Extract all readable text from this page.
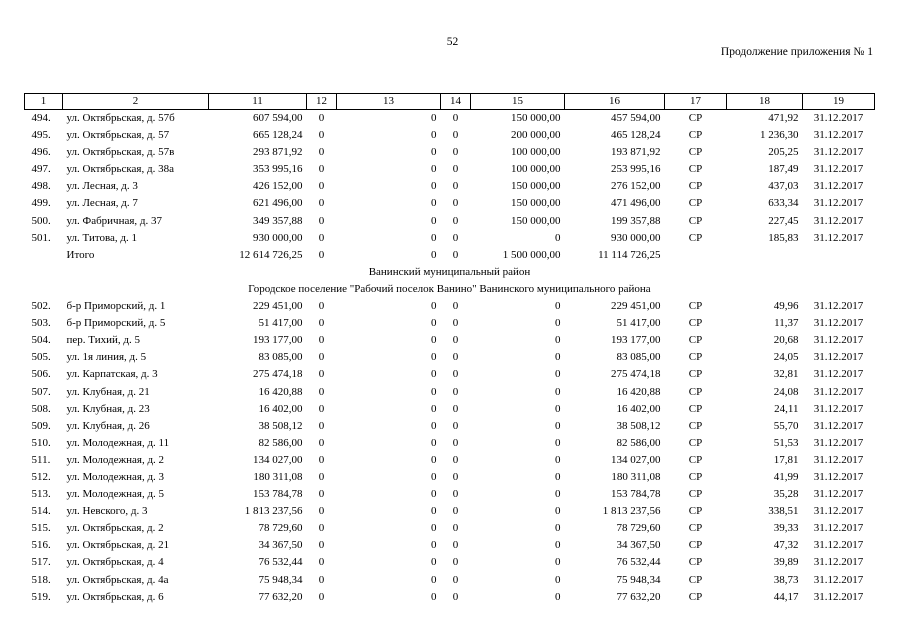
52
Продолжение приложения № 1
1	2	11	12	13	14	15	16	17	18	19
494.	ул. Октябрьская, д. 57б	607 594,00	0	0	0	150 000,00	457 594,00	СР	471,92	31.12.2017
495.	ул. Октябрьская, д. 57	665 128,24	0	0	0	200 000,00	465 128,24	СР	1 236,30	31.12.2017
496.	ул. Октябрьская, д. 57в	293 871,92	0	0	0	100 000,00	193 871,92	СР	205,25	31.12.2017
497.	ул. Октябрьская, д. 38а	353 995,16	0	0	0	100 000,00	253 995,16	СР	187,49	31.12.2017
498.	ул. Лесная, д. 3	426 152,00	0	0	0	150 000,00	276 152,00	СР	437,03	31.12.2017
499.	ул. Лесная, д. 7	621 496,00	0	0	0	150 000,00	471 496,00	СР	633,34	31.12.2017
500.	ул. Фабричная, д. 37	349 357,88	0	0	0	150 000,00	199 357,88	СР	227,45	31.12.2017
501.	ул. Титова, д. 1	930 000,00	0	0	0	0	930 000,00	СР	185,83	31.12.2017
	Итого	12 614 726,25	0	0	0	1 500 000,00	11 114 726,25			
Ванинский муниципальный район										
Городское поселение "Рабочий поселок Ванино" Ванинского муниципального района										
502.	б-р Приморский, д. 1	229 451,00	0	0	0	0	229 451,00	СР	49,96	31.12.2017
503.	б-р Приморский, д. 5	51 417,00	0	0	0	0	51 417,00	СР	11,37	31.12.2017
504.	пер. Тихий, д. 5	193 177,00	0	0	0	0	193 177,00	СР	20,68	31.12.2017
505.	ул. 1я линия, д. 5	83 085,00	0	0	0	0	83 085,00	СР	24,05	31.12.2017
506.	ул. Карпатская, д. 3	275 474,18	0	0	0	0	275 474,18	СР	32,81	31.12.2017
507.	ул. Клубная, д. 21	16 420,88	0	0	0	0	16 420,88	СР	24,08	31.12.2017
508.	ул. Клубная, д. 23	16 402,00	0	0	0	0	16 402,00	СР	24,11	31.12.2017
509.	ул. Клубная, д. 26	38 508,12	0	0	0	0	38 508,12	СР	55,70	31.12.2017
510.	ул. Молодежная, д. 11	82 586,00	0	0	0	0	82 586,00	СР	51,53	31.12.2017
511.	ул. Молодежная, д. 2	134 027,00	0	0	0	0	134 027,00	СР	17,81	31.12.2017
512.	ул. Молодежная, д. 3	180 311,08	0	0	0	0	180 311,08	СР	41,99	31.12.2017
513.	ул. Молодежная, д. 5	153 784,78	0	0	0	0	153 784,78	СР	35,28	31.12.2017
514.	ул. Невского, д. 3	1 813 237,56	0	0	0	0	1 813 237,56	СР	338,51	31.12.2017
515.	ул. Октябрьская, д. 2	78 729,60	0	0	0	0	78 729,60	СР	39,33	31.12.2017
516.	ул. Октябрьская, д. 21	34 367,50	0	0	0	0	34 367,50	СР	47,32	31.12.2017
517.	ул. Октябрьская, д. 4	76 532,44	0	0	0	0	76 532,44	СР	39,89	31.12.2017
518.	ул. Октябрьская, д. 4а	75 948,34	0	0	0	0	75 948,34	СР	38,73	31.12.2017
519.	ул. Октябрьская, д. 6	77 632,20	0	0	0	0	77 632,20	СР	44,17	31.12.2017
